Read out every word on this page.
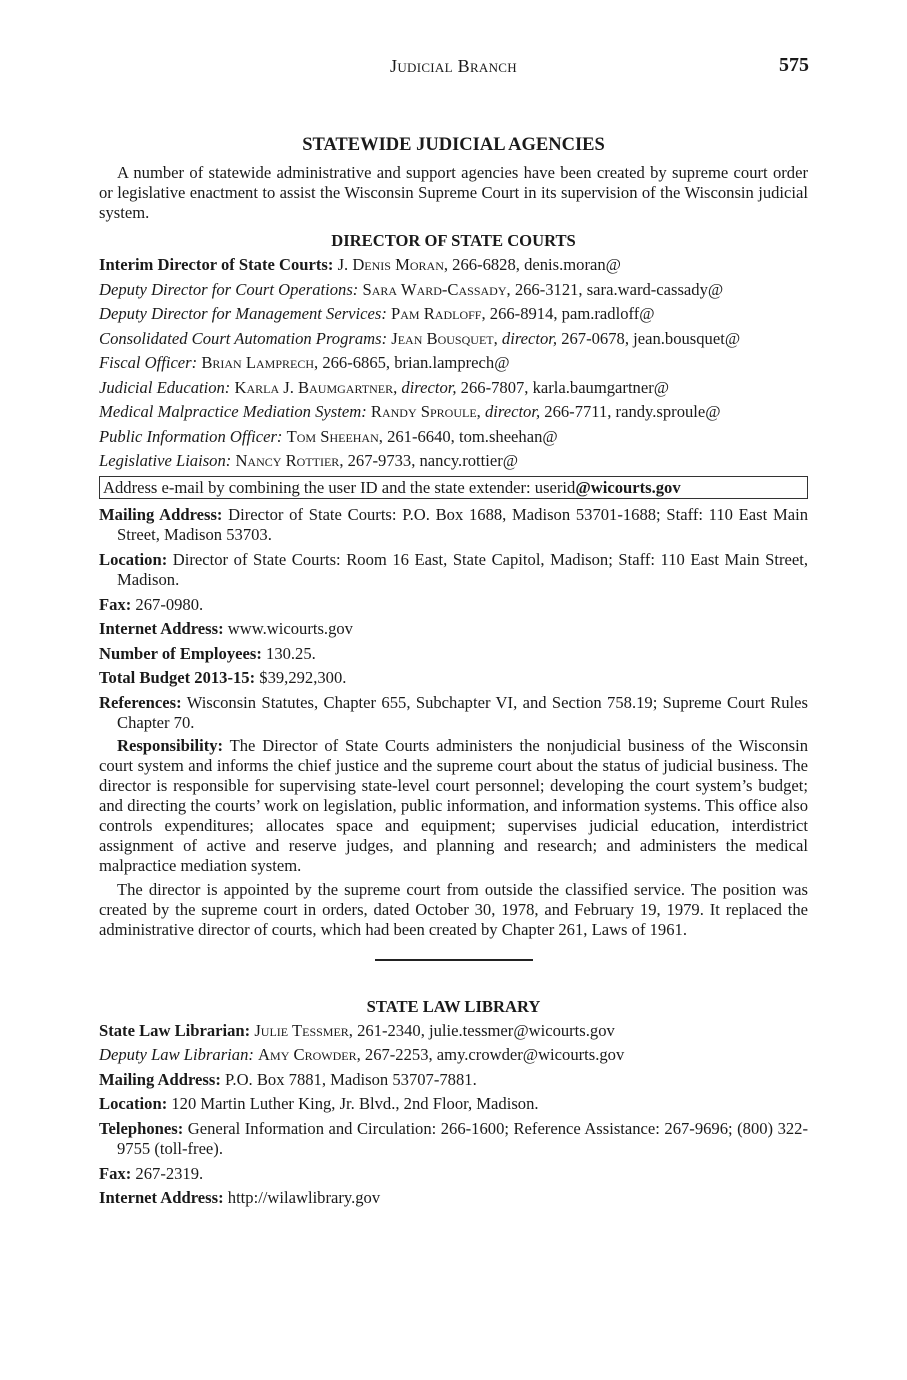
Judicial Branch	575
STATEWIDE JUDICIAL AGENCIES

A number of statewide administrative and support agencies have been created by supreme court order or legislative enactment to assist the Wisconsin Supreme Court in its supervision of the Wisconsin judicial system.

DIRECTOR OF STATE COURTS

Interim Director of State Courts: J. Denis Moran, 266-6828, denis.moran@

Deputy Director for Court Operations: Sara Ward-Cassady, 266-3121, sara.ward-cassady@

Deputy Director for Management Services: Pam Radloff, 266-8914, pam.radloff@

Consolidated Court Automation Programs: Jean Bousquet, director, 267-0678, jean.bousquet@

Fiscal Officer: Brian Lamprech, 266-6865, brian.lamprech@

Judicial Education: Karla J. Baumgartner, director, 266-7807, karla.baumgartner@

Medical Malpractice Mediation System: Randy Sproule, director, 266-7711, randy.sproule@

Public Information Officer: Tom Sheehan, 261-6640, tom.sheehan@

Legislative Liaison: Nancy Rottier, 267-9733, nancy.rottier@

Address e-mail by combining the user ID and the state extender: userid@wicourts.gov

Mailing Address: Director of State Courts: P.O. Box 1688, Madison 53701-1688; Staff: 110 East Main Street, Madison 53703.

Location: Director of State Courts: Room 16 East, State Capitol, Madison; Staff: 110 East Main Street, Madison.

Fax: 267-0980.

Internet Address: www.wicourts.gov

Number of Employees: 130.25.

Total Budget 2013-15: $39,292,300.

References: Wisconsin Statutes, Chapter 655, Subchapter VI, and Section 758.19; Supreme Court Rules Chapter 70.

Responsibility: The Director of State Courts administers the nonjudicial business of the Wisconsin court system and informs the chief justice and the supreme court about the status of judicial business. The director is responsible for supervising state-level court personnel; developing the court system’s budget; and directing the courts’ work on legislation, public information, and information systems. This office also controls expenditures; allocates space and equipment; supervises judicial education, interdistrict assignment of active and reserve judges, and planning and research; and administers the medical malpractice mediation system.

The director is appointed by the supreme court from outside the classified service. The position was created by the supreme court in orders, dated October 30, 1978, and February 19, 1979. It replaced the administrative director of courts, which had been created by Chapter 261, Laws of 1961.

STATE LAW LIBRARY

State Law Librarian: Julie Tessmer, 261-2340, julie.tessmer@wicourts.gov

Deputy Law Librarian: Amy Crowder, 267-2253, amy.crowder@wicourts.gov

Mailing Address: P.O. Box 7881, Madison 53707-7881.

Location: 120 Martin Luther King, Jr. Blvd., 2nd Floor, Madison.

Telephones: General Information and Circulation: 266-1600; Reference Assistance: 267-9696; (800) 322-9755 (toll-free).

Fax: 267-2319.

Internet Address: http://wilawlibrary.gov
